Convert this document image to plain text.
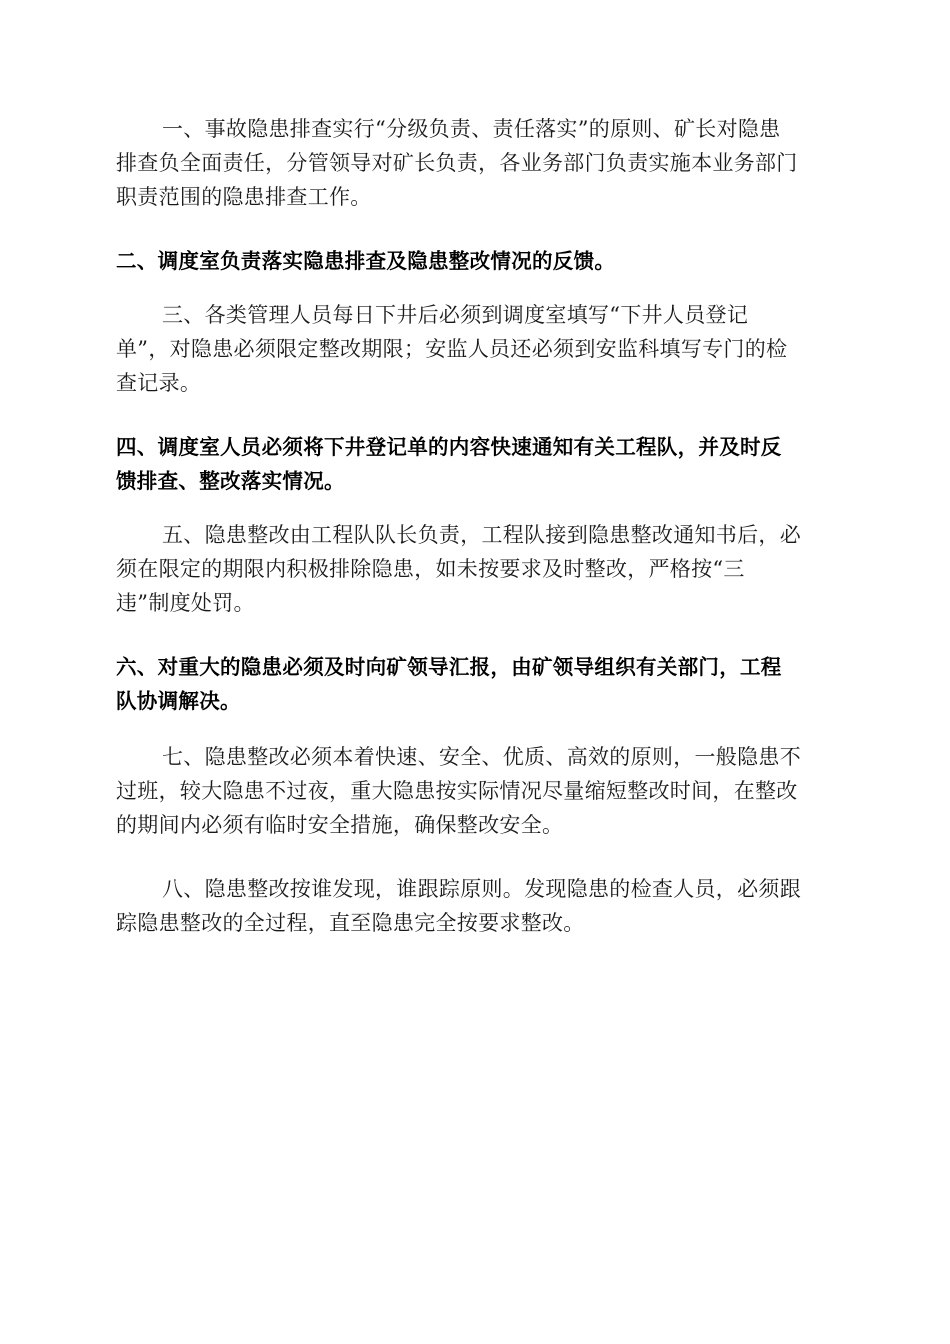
一、事故隐患排查实行“分级负责、责任落实”的原则、矿长对隐患
排查负全面责任，分管领导对矿长负责，各业务部门负责实施本业务部门
职责范围的隐患排查工作。
二、调度室负责落实隐患排查及隐患整改情况的反馈。
三、各类管理人员每日下井后必须到调度室填写“下井人员登记
单”，对隐患必须限定整改期限；安监人员还必须到安监科填写专门的检
查记录。
四、调度室人员必须将下井登记单的内容快速通知有关工程队，并及时反
馈排查、整改落实情况。
五、隐患整改由工程队队长负责，工程队接到隐患整改通知书后，必
须在限定的期限内积极排除隐患，如未按要求及时整改，严格按“三
违”制度处罚。
六、对重大的隐患必须及时向矿领导汇报，由矿领导组织有关部门，工程
队协调解决。
七、隐患整改必须本着快速、安全、优质、高效的原则，一般隐患不
过班，较大隐患不过夜，重大隐患按实际情况尽量缩短整改时间，在整改
的期间内必须有临时安全措施，确保整改安全。
八、隐患整改按谁发现，谁跟踪原则。发现隐患的检查人员，必须跟
踪隐患整改的全过程，直至隐患完全按要求整改。
